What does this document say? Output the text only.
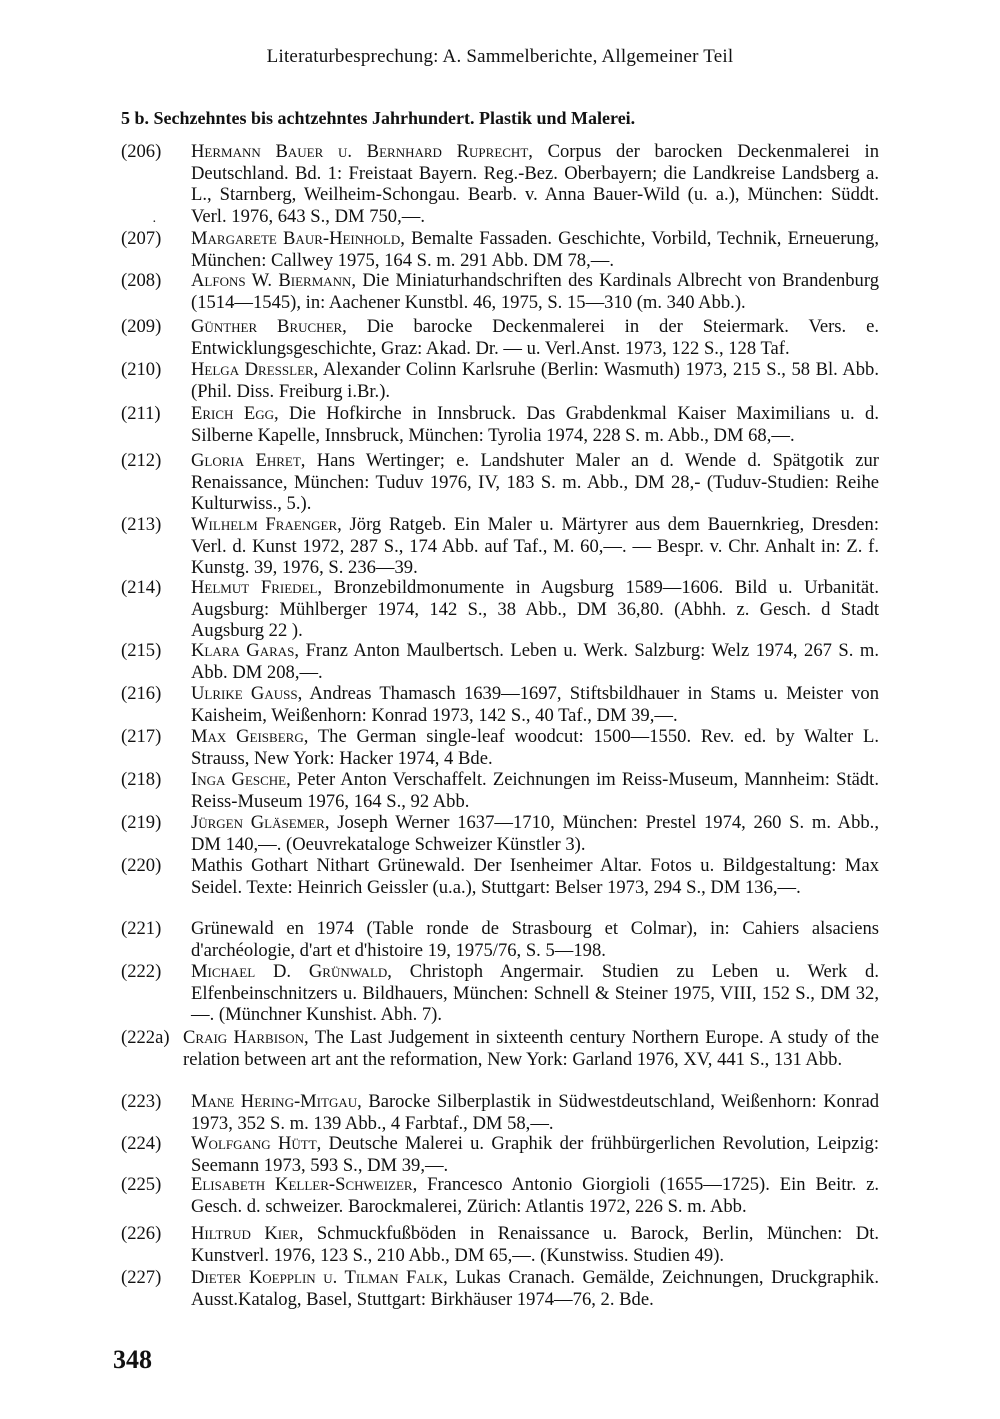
Literaturbesprechung: A. Sammelberichte, Allgemeiner Teil
5 b. Sechzehntes bis achtzehntes Jahrhundert. Plastik und Malerei.
·
(206) Hermann Bauer u. Bernhard Ruprecht, Corpus der barocken Deckenmalerei in Deutschland. Bd. 1: Freistaat Bayern. Reg.-Bez. Oberbayern; die Landkreise Landsberg a. L., Starnberg, Weilheim-Schongau. Bearb. v. Anna Bauer-Wild (u. a.), München: Süddt. Verl. 1976, 643 S., DM 750,—.
(207) Margarete Baur-Heinhold, Bemalte Fassaden. Geschichte, Vorbild, Technik, Erneuerung, München: Callwey 1975, 164 S. m. 291 Abb. DM 78,—.
(208) Alfons W. Biermann, Die Miniaturhandschriften des Kardinals Albrecht von Brandenburg (1514—1545), in: Aachener Kunstbl. 46, 1975, S. 15—310 (m. 340 Abb.).
(209) Günther Brucher, Die barocke Deckenmalerei in der Steiermark. Vers. e. Entwicklungsgeschichte, Graz: Akad. Dr. — u. Verl.Anst. 1973, 122 S., 128 Taf.
(210) Helga Dressler, Alexander Colinn Karlsruhe (Berlin: Wasmuth) 1973, 215 S., 58 Bl. Abb. (Phil. Diss. Freiburg i.Br.).
(211) Erich Egg, Die Hofkirche in Innsbruck. Das Grabdenkmal Kaiser Maximilians u. d. Silberne Kapelle, Innsbruck, München: Tyrolia 1974, 228 S. m. Abb., DM 68,—.
(212) Gloria Ehret, Hans Wertinger; e. Landshuter Maler an d. Wende d. Spätgotik zur Renaissance, München: Tuduv 1976, IV, 183 S. m. Abb., DM 28,- (Tuduv-Studien: Reihe Kulturwiss., 5.).
(213) Wilhelm Fraenger, Jörg Ratgeb. Ein Maler u. Märtyrer aus dem Bauernkrieg, Dresden: Verl. d. Kunst 1972, 287 S., 174 Abb. auf Taf., M. 60,—. — Bespr. v. Chr. Anhalt in: Z. f. Kunstg. 39, 1976, S. 236—39.
(214) Helmut Friedel, Bronzebildmonumente in Augsburg 1589—1606. Bild u. Urbanität. Augsburg: Mühlberger 1974, 142 S., 38 Abb., DM 36,80. (Abhh. z. Gesch. d Stadt Augsburg 22 ).
(215) Klara Garas, Franz Anton Maulbertsch. Leben u. Werk. Salzburg: Welz 1974, 267 S. m. Abb. DM 208,—.
(216) Ulrike Gauss, Andreas Thamasch 1639—1697, Stiftsbildhauer in Stams u. Meister von Kaisheim, Weißenhorn: Konrad 1973, 142 S., 40 Taf., DM 39,—.
(217) Max Geisberg, The German single-leaf woodcut: 1500—1550. Rev. ed. by Walter L. Strauss, New York: Hacker 1974, 4 Bde.
(218) Inga Gesche, Peter Anton Verschaffelt. Zeichnungen im Reiss-Museum, Mannheim: Städt. Reiss-Museum 1976, 164 S., 92 Abb.
(219) Jürgen Gläsemer, Joseph Werner 1637—1710, München: Prestel 1974, 260 S. m. Abb., DM 140,—. (Oeuvrekataloge Schweizer Künstler 3).
(220) Mathis Gothart Nithart Grünewald. Der Isenheimer Altar. Fotos u. Bildgestaltung: Max Seidel. Texte: Heinrich Geissler (u.a.), Stuttgart: Belser 1973, 294 S., DM 136,—.
(221) Grünewald en 1974 (Table ronde de Strasbourg et Colmar), in: Cahiers alsaciens d'archéologie, d'art et d'histoire 19, 1975/76, S. 5—198.
(222) Michael D. Grünwald, Christoph Angermair. Studien zu Leben u. Werk d. Elfenbeinschnitzers u. Bildhauers, München: Schnell & Steiner 1975, VIII, 152 S., DM 32,—. (Münchner Kunshist. Abh. 7).
(222a) Craig Harbison, The Last Judgement in sixteenth century Northern Europe. A study of the relation between art ant the reformation, New York: Garland 1976, XV, 441 S., 131 Abb.
(223) Mane Hering-Mitgau, Barocke Silberplastik in Südwestdeutschland, Weißenhorn: Konrad 1973, 352 S. m. 139 Abb., 4 Farbtaf., DM 58,—.
(224) Wolfgang Hütt, Deutsche Malerei u. Graphik der frühbürgerlichen Revolution, Leipzig: Seemann 1973, 593 S., DM 39,—.
(225) Elisabeth Keller-Schweizer, Francesco Antonio Giorgioli (1655—1725). Ein Beitr. z. Gesch. d. schweizer. Barockmalerei, Zürich: Atlantis 1972, 226 S. m. Abb.
(226) Hiltrud Kier, Schmuckfußböden in Renaissance u. Barock, Berlin, München: Dt. Kunstverl. 1976, 123 S., 210 Abb., DM 65,—. (Kunstwiss. Studien 49).
(227) Dieter Koepplin u. Tilman Falk, Lukas Cranach. Gemälde, Zeichnungen, Druckgraphik. Ausst.Katalog, Basel, Stuttgart: Birkhäuser 1974—76, 2. Bde.
348
